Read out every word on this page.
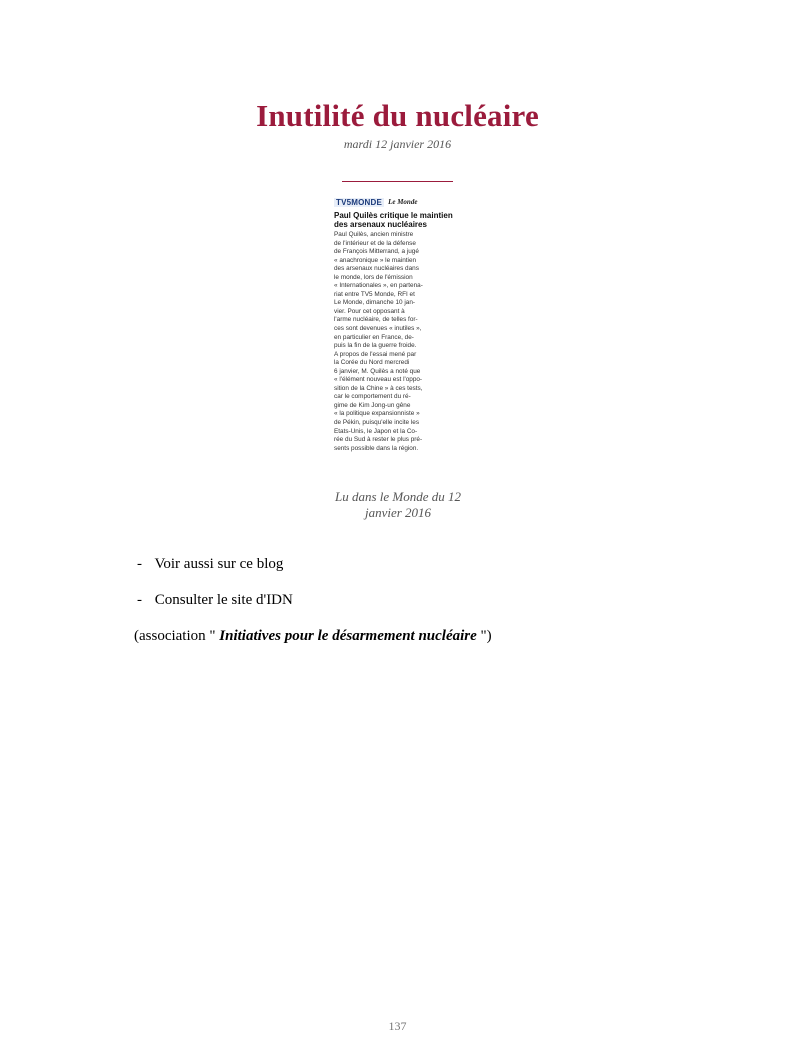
Inutilité du nucléaire
mardi 12 janvier 2016
TV5MONDE Le Monde
Paul Quilès critique le maintien des arsenaux nucléaires
Paul Quilès, ancien ministre
de l'intérieur et de la défense
de François Mitterrand, a jugé
« anachronique » le maintien
des arsenaux nucléaires dans
le monde, lors de l'émission
« Internationales », en partena-
riat entre TV5 Monde, RFI et
Le Monde, dimanche 10 jan-
vier. Pour cet opposant à
l'arme nucléaire, de telles for-
ces sont devenues « inutiles »,
en particulier en France, de-
puis la fin de la guerre froide.
A propos de l'essai mené par
la Corée du Nord mercredi
6 janvier, M. Quilès a noté que
« l'élément nouveau est l'oppo-
sition de la Chine » à ces tests,
car le comportement du ré-
gime de Kim Jong-un gêne
« la politique expansionniste »
de Pékin, puisqu'elle incite les
Etats-Unis, le Japon et la Co-
rée du Sud à rester le plus pré-
sents possible dans la région.
Lu dans le Monde du 12 janvier 2016
- Voir aussi sur ce blog
- Consulter le site d'IDN
(association " Initiatives pour le désarmement nucléaire ")
137
